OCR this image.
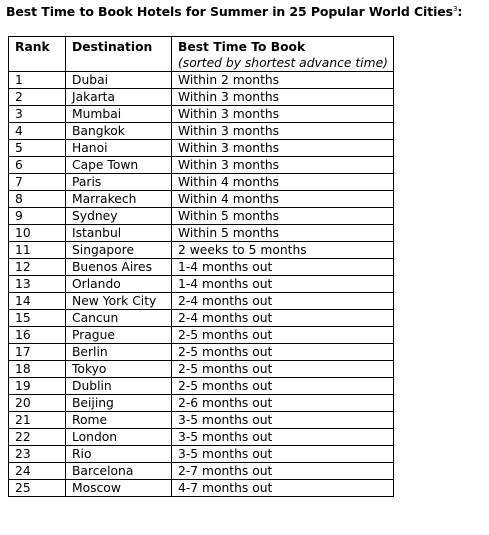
Best Time to Book Hotels for Summer in 25 Popular World Cities$^3$:
Rank	Destination	Best Time To Book
(sorted by shortest advance time)

1	Dubai	Within 2 months
2	Jakarta	Within 3 months
3	Mumbai	Within 3 months
4	Bangkok	Within 3 months
5	Hanoi	Within 3 months
6	Cape Town	Within 3 months
7	Paris	Within 4 months
8	Marrakech	Within 4 months
9	Sydney	Within 5 months
10	Istanbul	Within 5 months
11	Singapore	2 weeks to 5 months
12	Buenos Aires	1-4 months out
13	Orlando	1-4 months out
14	New York City	2-4 months out
15	Cancun	2-4 months out
16	Prague	2-5 months out
17	Berlin	2-5 months out
18	Tokyo	2-5 months out
19	Dublin	2-5 months out
20	Beijing	2-6 months out
21	Rome	3-5 months out
22	London	3-5 months out
23	Rio	3-5 months out
24	Barcelona	2-7 months out
25	Moscow	4-7 months out
